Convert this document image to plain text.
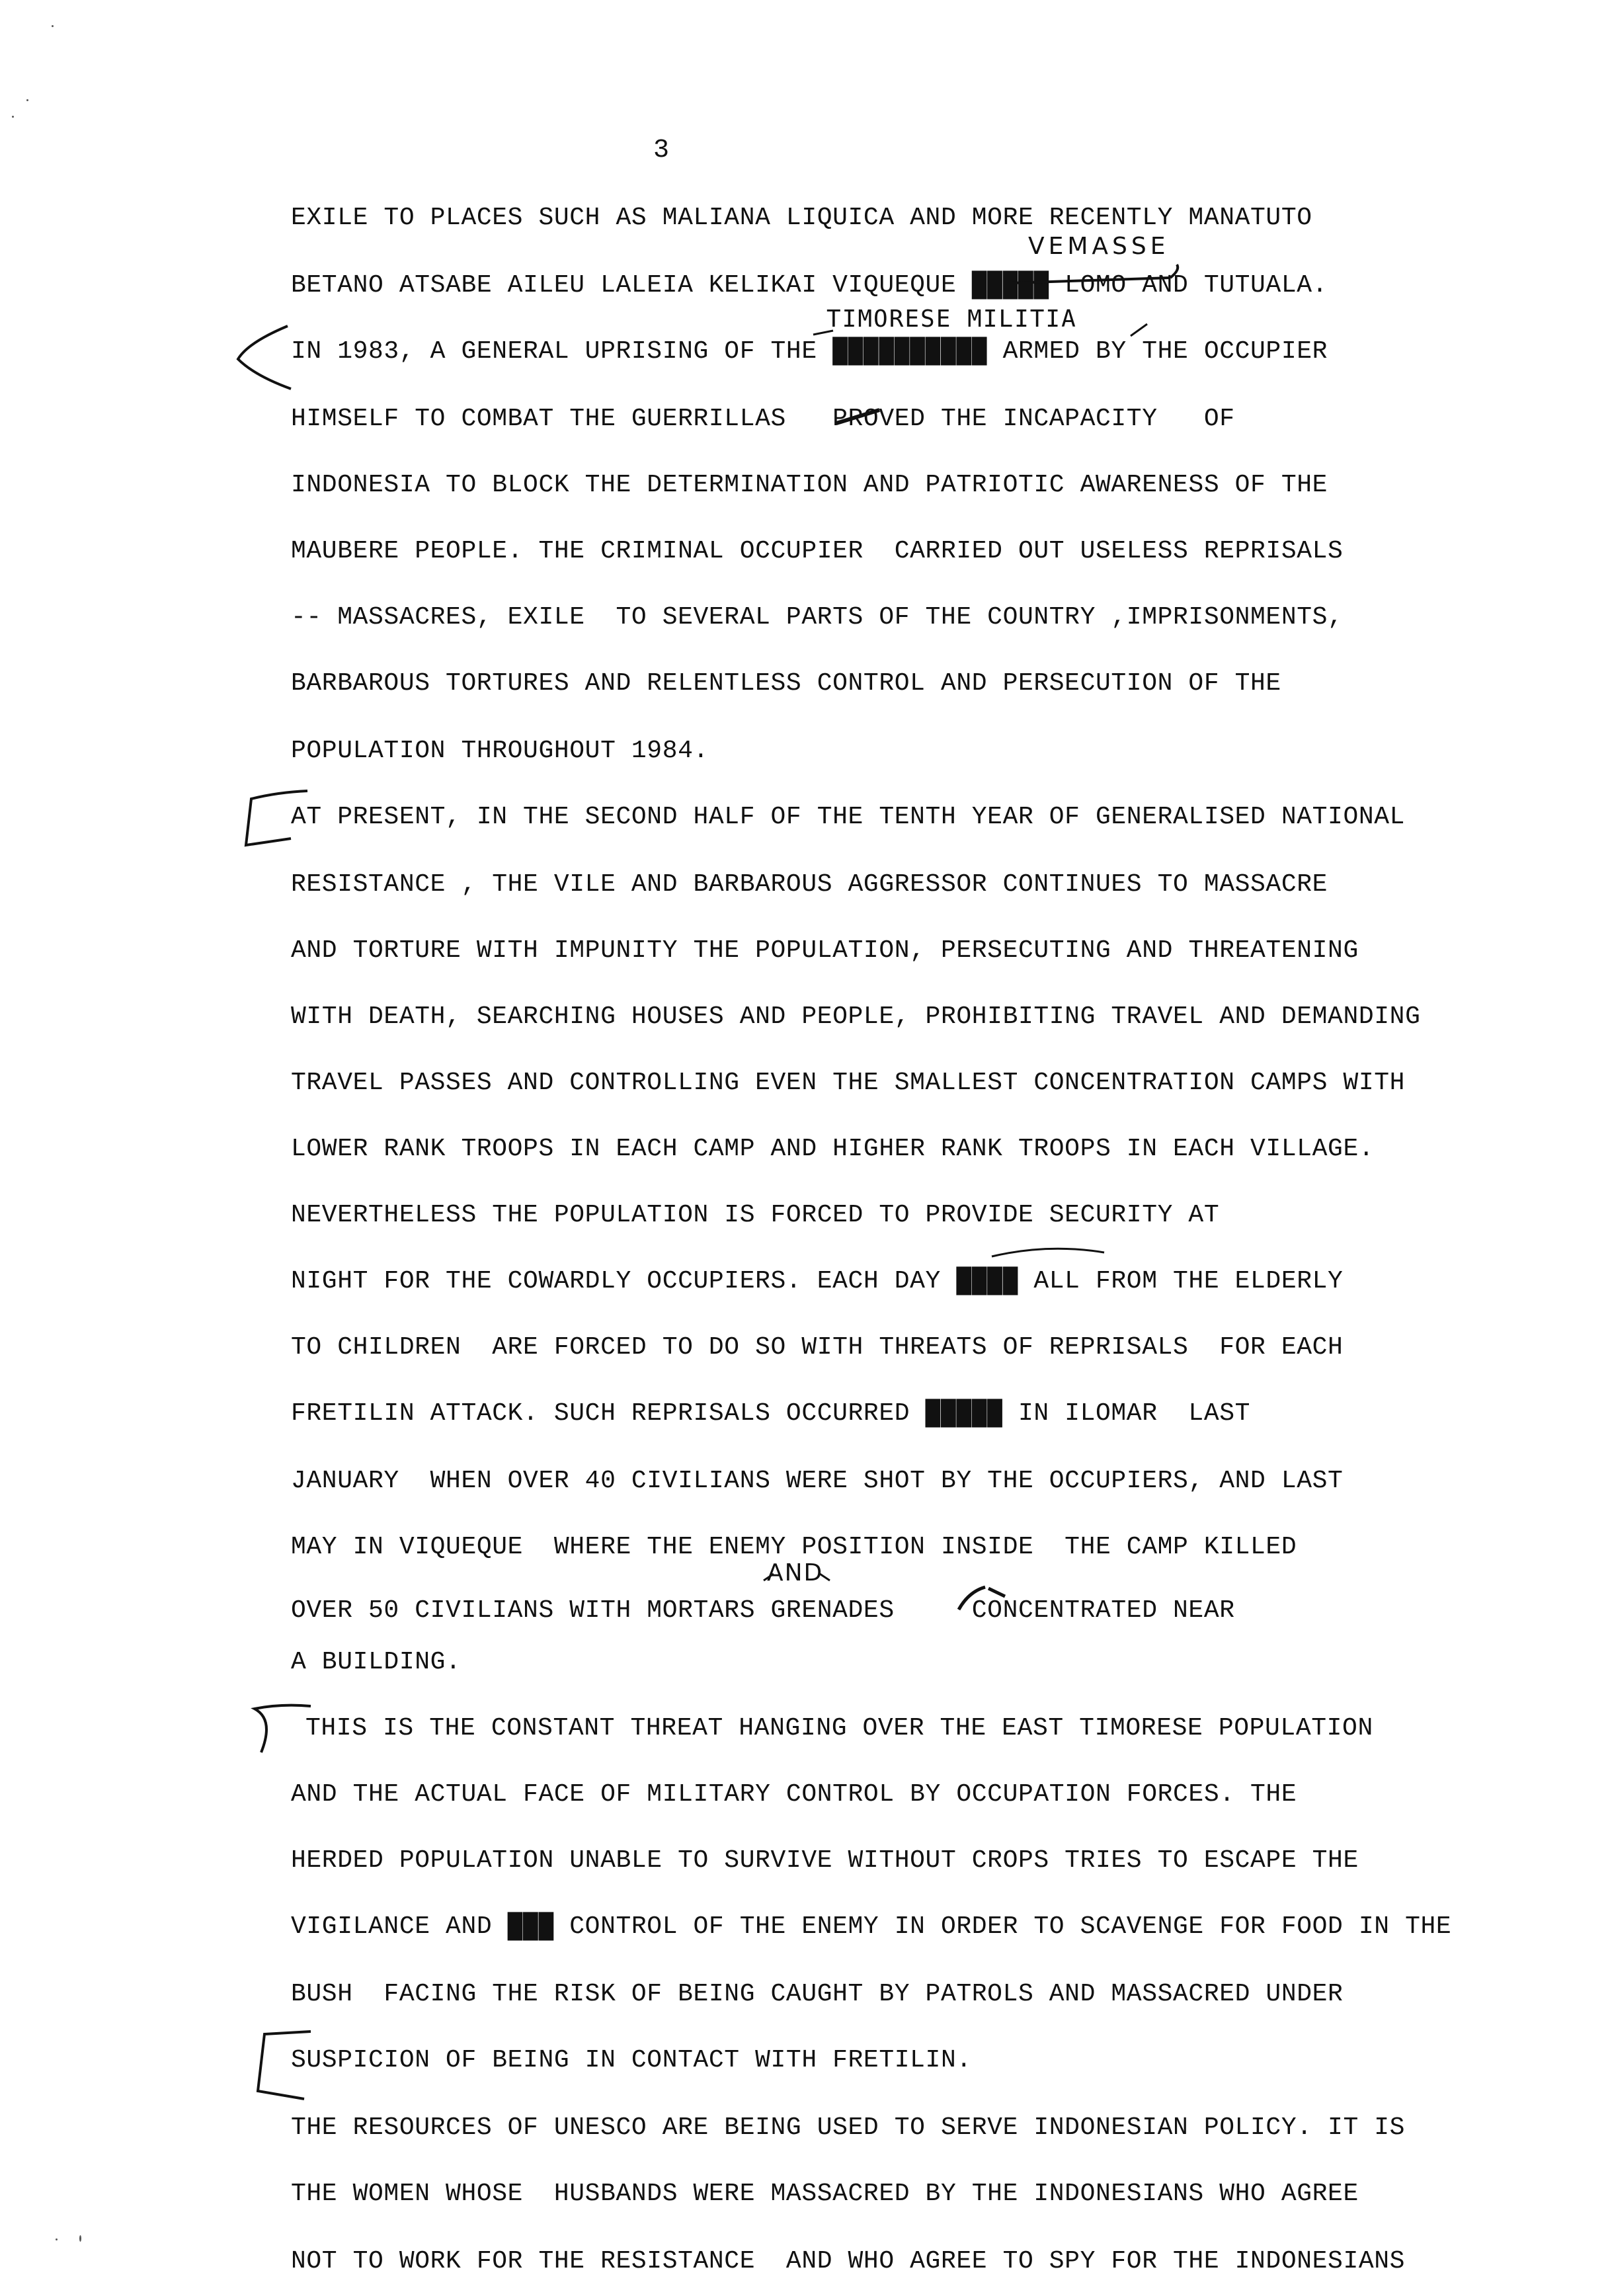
3
EXILE TO PLACES SUCH AS MALIANA LIQUICA AND MORE RECENTLY MANATUTO
BETANO ATSABE AILEU LALEIA KELIKAI VIQUEQUE █████ LOMO AND TUTUALA.
IN 1983, A GENERAL UPRISING OF THE ██████████ ARMED BY THE OCCUPIER
HIMSELF TO COMBAT THE GUERRILLAS   PROVED THE INCAPACITY   OF
INDONESIA TO BLOCK THE DETERMINATION AND PATRIOTIC AWARENESS OF THE
MAUBERE PEOPLE. THE CRIMINAL OCCUPIER  CARRIED OUT USELESS REPRISALS
-- MASSACRES, EXILE  TO SEVERAL PARTS OF THE COUNTRY ,IMPRISONMENTS,
BARBAROUS TORTURES AND RELENTLESS CONTROL AND PERSECUTION OF THE
POPULATION THROUGHOUT 1984.
AT PRESENT, IN THE SECOND HALF OF THE TENTH YEAR OF GENERALISED NATIONAL
RESISTANCE , THE VILE AND BARBAROUS AGGRESSOR CONTINUES TO MASSACRE
AND TORTURE WITH IMPUNITY THE POPULATION, PERSECUTING AND THREATENING
WITH DEATH, SEARCHING HOUSES AND PEOPLE, PROHIBITING TRAVEL AND DEMANDING
TRAVEL PASSES AND CONTROLLING EVEN THE SMALLEST CONCENTRATION CAMPS WITH
LOWER RANK TROOPS IN EACH CAMP AND HIGHER RANK TROOPS IN EACH VILLAGE.
NEVERTHELESS THE POPULATION IS FORCED TO PROVIDE SECURITY AT
NIGHT FOR THE COWARDLY OCCUPIERS. EACH DAY ████ ALL FROM THE ELDERLY
TO CHILDREN  ARE FORCED TO DO SO WITH THREATS OF REPRISALS  FOR EACH
FRETILIN ATTACK. SUCH REPRISALS OCCURRED █████ IN ILOMAR  LAST
JANUARY  WHEN OVER 40 CIVILIANS WERE SHOT BY THE OCCUPIERS, AND LAST
MAY IN VIQUEQUE  WHERE THE ENEMY POSITION INSIDE  THE CAMP KILLED
OVER 50 CIVILIANS WITH MORTARS GRENADES     CONCENTRATED NEAR
A BUILDING.
THIS IS THE CONSTANT THREAT HANGING OVER THE EAST TIMORESE POPULATION
AND THE ACTUAL FACE OF MILITARY CONTROL BY OCCUPATION FORCES. THE
HERDED POPULATION UNABLE TO SURVIVE WITHOUT CROPS TRIES TO ESCAPE THE
VIGILANCE AND ███ CONTROL OF THE ENEMY IN ORDER TO SCAVENGE FOR FOOD IN THE
BUSH  FACING THE RISK OF BEING CAUGHT BY PATROLS AND MASSACRED UNDER
SUSPICION OF BEING IN CONTACT WITH FRETILIN.
THE RESOURCES OF UNESCO ARE BEING USED TO SERVE INDONESIAN POLICY. IT IS
THE WOMEN WHOSE  HUSBANDS WERE MASSACRED BY THE INDONESIANS WHO AGREE
NOT TO WORK FOR THE RESISTANCE  AND WHO AGREE TO SPY FOR THE INDONESIANS
VEMASSE
TIMORESE MILITIA
AND
